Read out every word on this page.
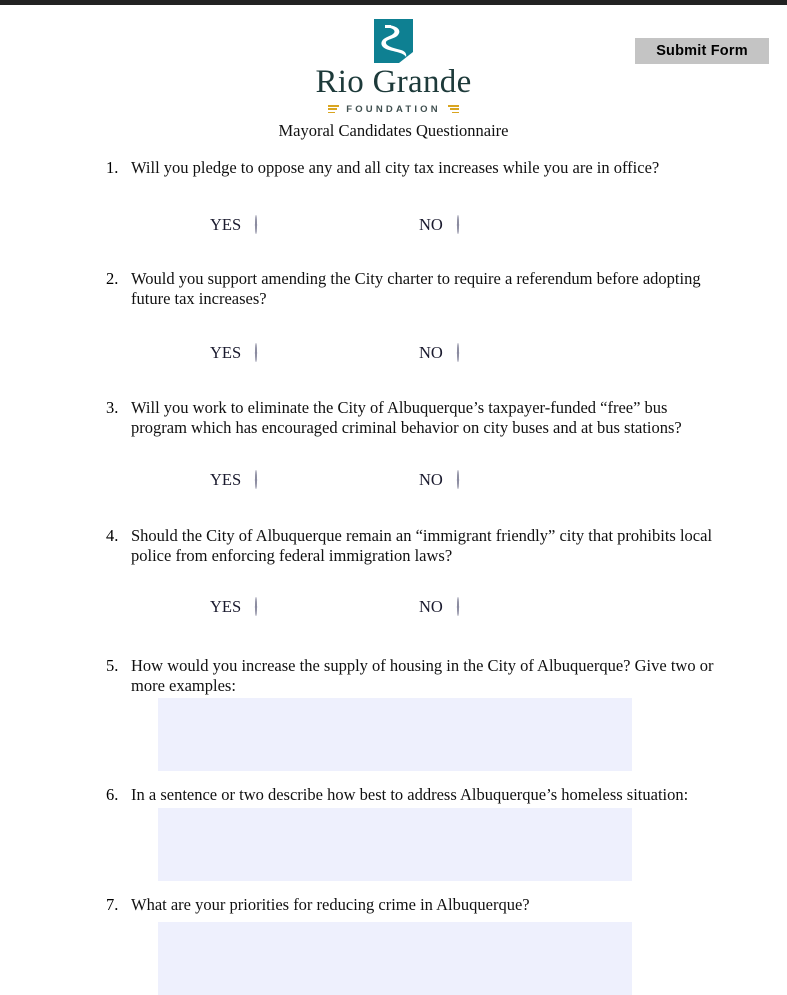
Submit Form
Rio Grande
FOUNDATION
Mayoral Candidates Questionnaire
1. Will you pledge to oppose any and all city tax increases while you are in office?
YES	NO
2. Would you support amending the City charter to require a referendum before adopting future tax increases?
YES	NO
3. Will you work to eliminate the City of Albuquerque’s taxpayer-funded “free” bus program which has encouraged criminal behavior on city buses and at bus stations?
YES	NO
4. Should the City of Albuquerque remain an “immigrant friendly” city that prohibits local police from enforcing federal immigration laws?
YES	NO
5. How would you increase the supply of housing in the City of Albuquerque? Give two or more examples:
6. In a sentence or two describe how best to address Albuquerque’s homeless situation:
7. What are your priorities for reducing crime in Albuquerque?
